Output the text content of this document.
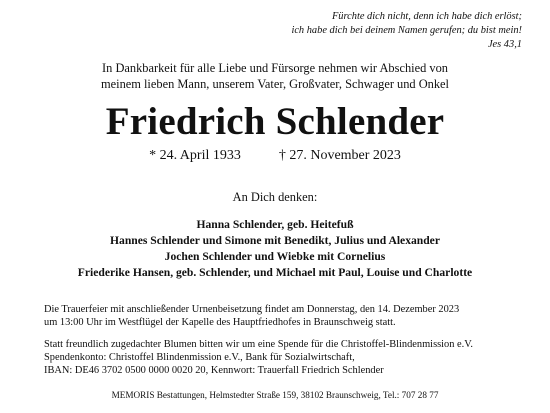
Fürchte dich nicht, denn ich habe dich erlöst;
ich habe dich bei deinem Namen gerufen; du bist mein!
Jes 43,1
In Dankbarkeit für alle Liebe und Fürsorge nehmen wir Abschied von
meinem lieben Mann, unserem Vater, Großvater, Schwager und Onkel
Friedrich Schlender
* 24. April 1933	† 27. November 2023
An Dich denken:
Hanna Schlender, geb. Heitefuß
Hannes Schlender und Simone mit Benedikt, Julius und Alexander
Jochen Schlender und Wiebke mit Cornelius
Friederike Hansen, geb. Schlender, und Michael mit Paul, Louise und Charlotte
Die Trauerfeier mit anschließender Urnenbeisetzung findet am Donnerstag, den 14. Dezember 2023
um 13:00 Uhr im Westflügel der Kapelle des Hauptfriedhofes in Braunschweig statt.
Statt freundlich zugedachter Blumen bitten wir um eine Spende für die Christoffel-Blindenmission e.V.
Spendenkonto: Christoffel Blindenmission e.V., Bank für Sozialwirtschaft,
IBAN: DE46 3702 0500 0000 0020 20, Kennwort: Trauerfall Friedrich Schlender
MEMORIS Bestattungen, Helmstedter Straße 159, 38102 Braunschweig, Tel.: 707 28 77
